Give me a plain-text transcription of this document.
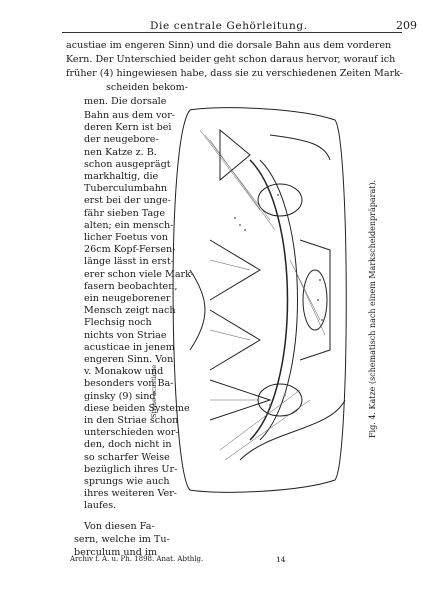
Die centrale Gehörleitung.	209
acustiae im engeren Sinn) und die dorsale Bahn aus dem vorderen
Kern. Der Unterschied beider geht schon daraus hervor, worauf ich
früher (4) hingewiesen habe, dass sie zu verschiedenen Zeiten Mark-
scheiden bekom-
men. Die dorsale
Bahn aus dem vor-
deren Kern ist bei
der neugebore-
nen Katze z. B.
schon ausgeprägt
markhaltig, die
Tuberculumbahn
erst bei der unge-
fähr sieben Tage
alten; ein mensch-
licher Foetus von
26cm Kopf-Fersen-
länge lässt in erst-
erer schon viele Mark-
fasern beobachten,
ein neugeborener
Mensch zeigt nach
Flechsig noch
nichts von Striae
acusticae in jenem
engeren Sinn. Von
v. Monakow und
besonders von Ba-
ginsky (9) sind
diese beiden Systeme
in den Striae schon
unterschieden wor-
den, doch nicht in
so scharfer Weise
bezüglich ihres Ur-
sprungs wie auch
ihres weiteren Ver-
laufes.
Von diesen Fa-
sern, welche im Tu-
berculum und im
Striae acusticae	Fig. 4. Katze (schematisch nach einem Markscheidenpräparat).
Archiv f. A. u. Ph. 1898. Anat. Abthlg.	14
